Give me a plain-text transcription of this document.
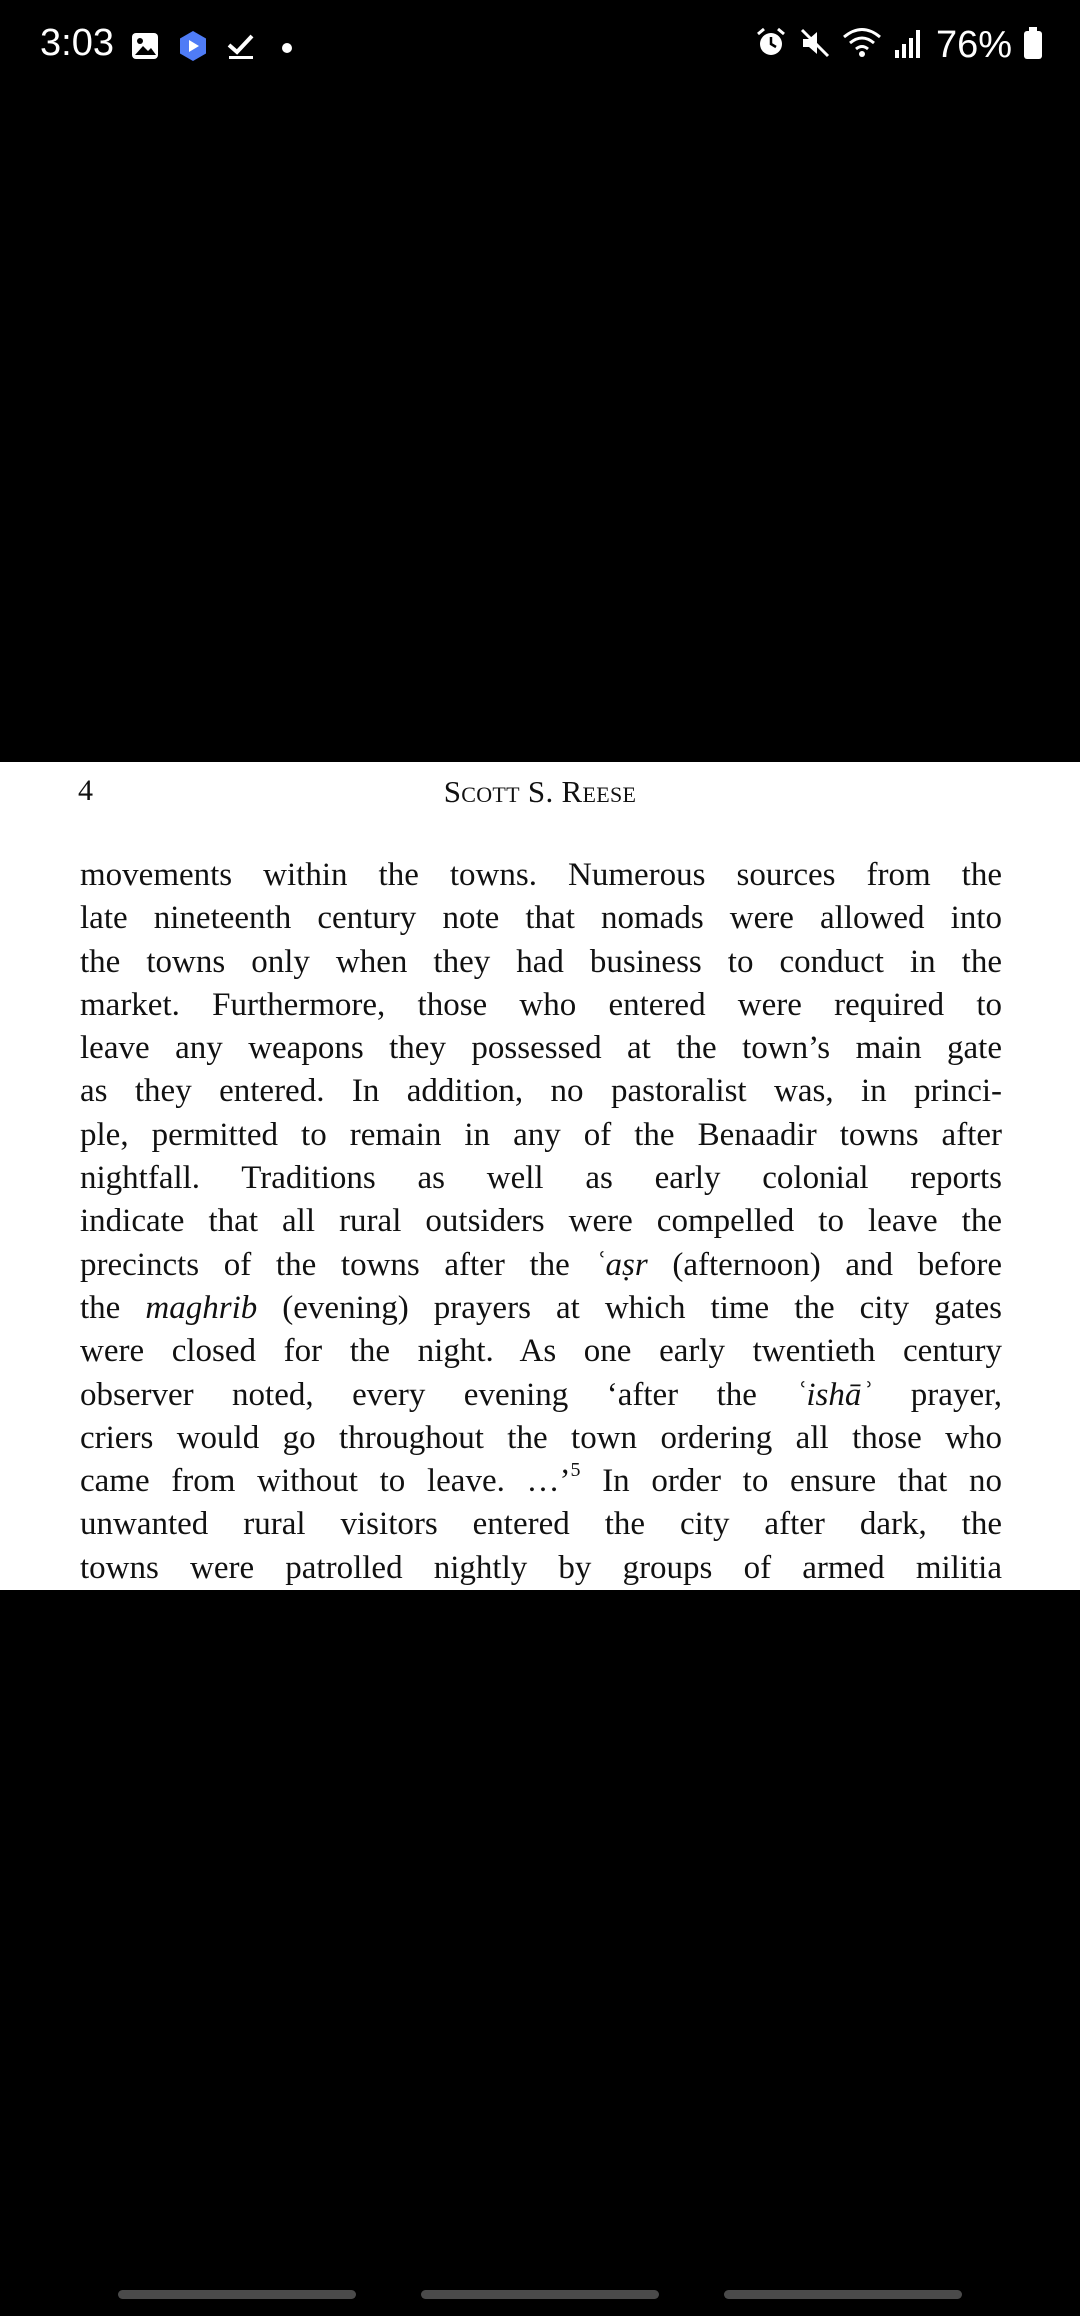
3:03	76%
4	Scott S. Reese
movements within the towns. Numerous sources from the
late nineteenth century note that nomads were allowed into
the towns only when they had business to conduct in the
market. Furthermore, those who entered were required to
leave any weapons they possessed at the town’s main gate
as they entered. In addition, no pastoralist was, in princi-
ple, permitted to remain in any of the Benaadir towns after
nightfall. Traditions as well as early colonial reports
indicate that all rural outsiders were compelled to leave the
precincts of the towns after the ʿaṣr (afternoon) and before
the maghrib (evening) prayers at which time the city gates
were closed for the night. As one early twentieth century
observer noted, every evening ‘after the ʿishāʾ prayer,
criers would go throughout the town ordering all those who
came from without to leave. …’$^5$ In order to ensure that no
unwanted rural visitors entered the city after dark, the
towns were patrolled nightly by groups of armed militia
